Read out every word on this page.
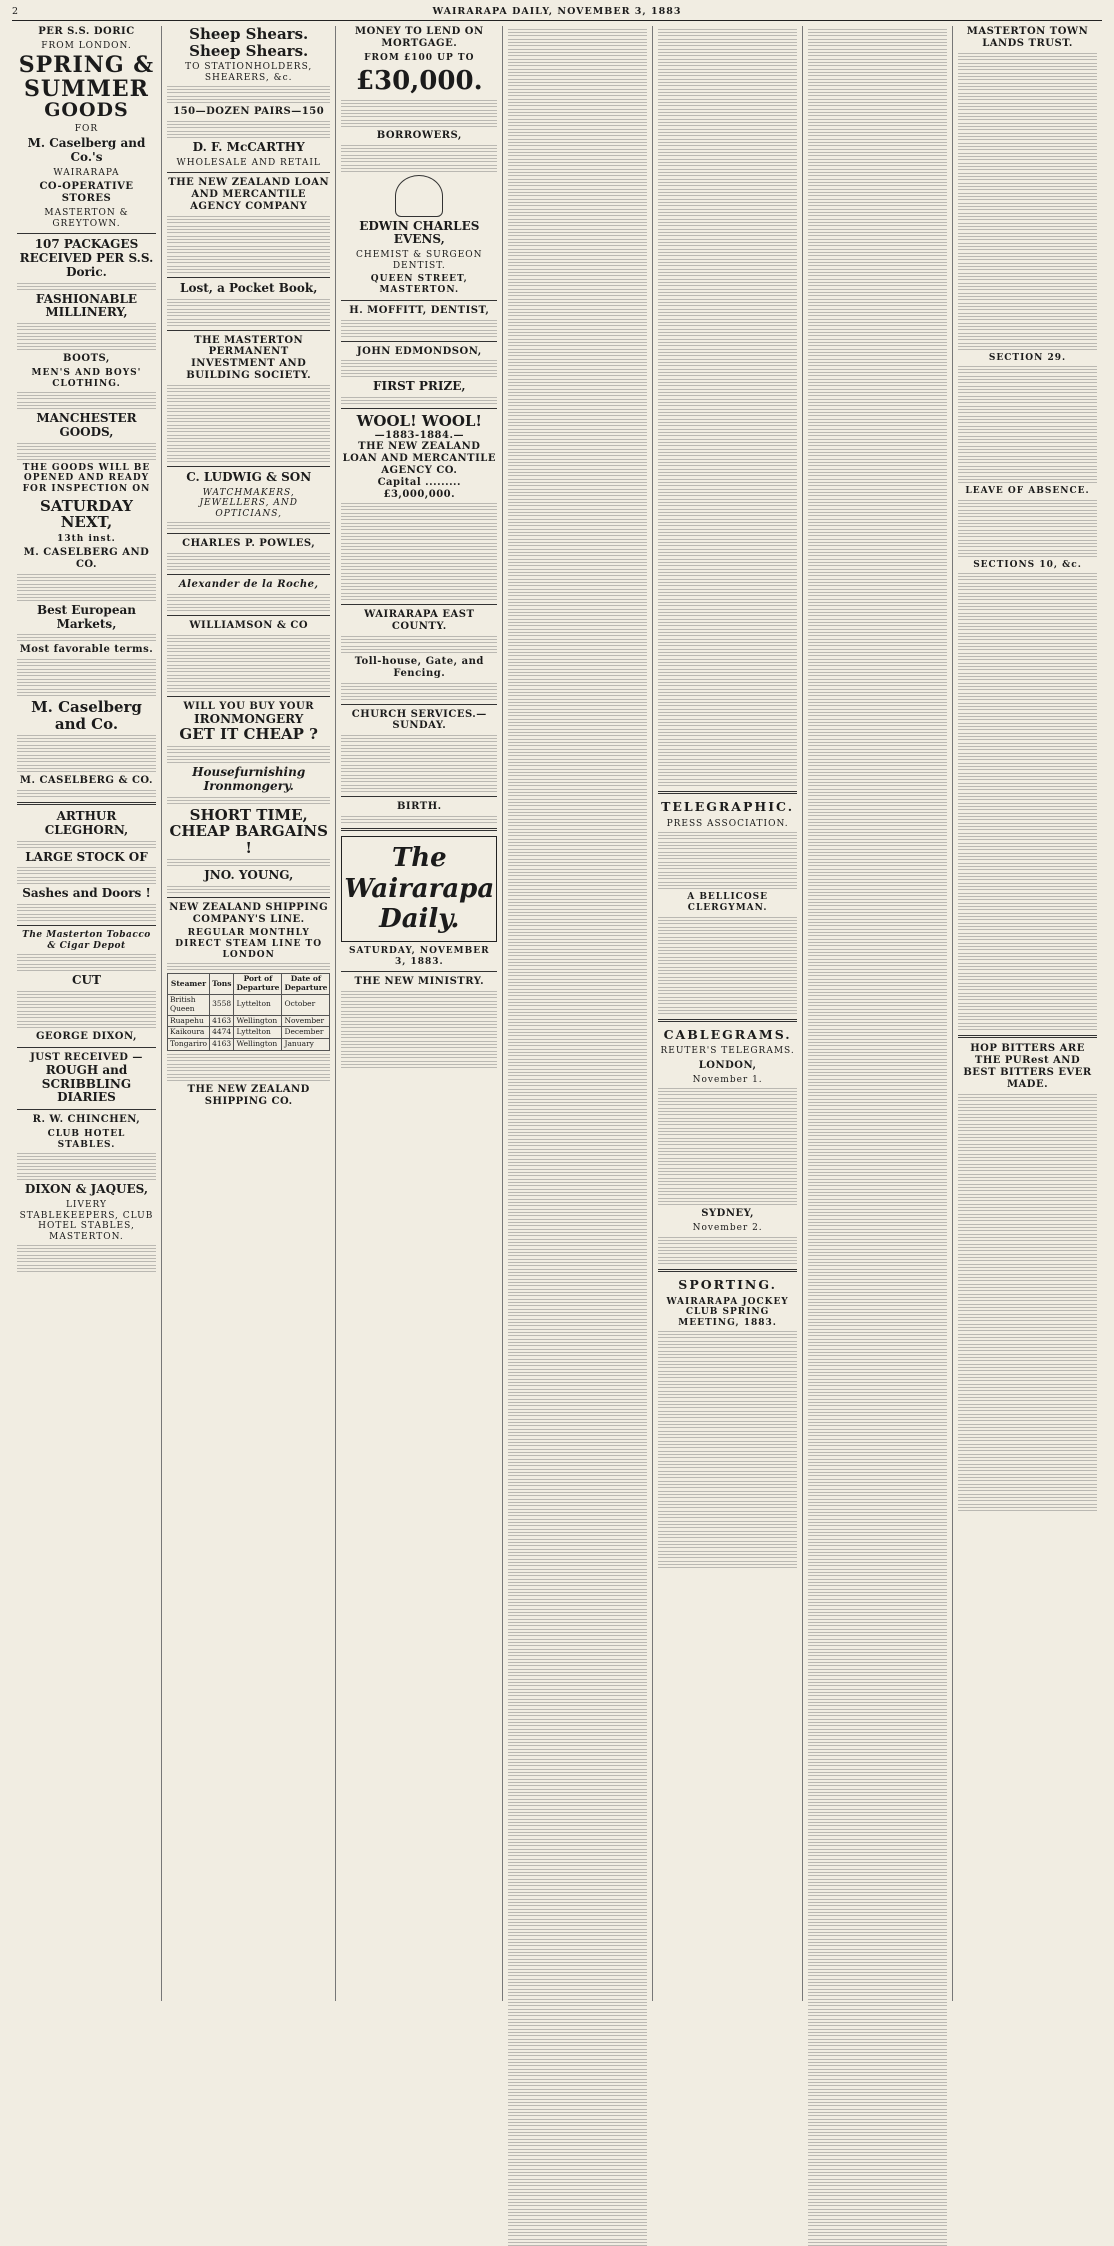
2	WAIRARAPA DAILY, NOVEMBER 3, 1883
PER S.S. DORIC
FROM LONDON.
SPRING &
SUMMER
GOODS
FOR
M. Caselberg and Co.'s
WAIRARAPA
CO-OPERATIVE STORES
MASTERTON & GREYTOWN.
107 PACKAGES RECEIVED PER S.S. Doric.
FASHIONABLE MILLINERY,
BOOTS,
MEN'S AND BOYS' CLOTHING.
MANCHESTER GOODS,
THE GOODS WILL BE OPENED AND READY FOR INSPECTION ON
SATURDAY NEXT,
13th inst.
M. CASELBERG AND CO.
Best European Markets,
Most favorable terms.
M. Caselberg and Co.
M. CASELBERG & CO.
ARTHUR CLEGHORN,
LARGE STOCK OF
Sashes and Doors !
The Masterton Tobacco & Cigar Depot
CUT
GEORGE DIXON,
JUST RECEIVED —
ROUGH and SCRIBBLING DIARIES
R. W. CHINCHEN,
CLUB HOTEL STABLES.
DIXON & JAQUES,
LIVERY STABLEKEEPERS, CLUB HOTEL STABLES, MASTERTON.
Sheep Shears.
Sheep Shears.
TO STATIONHOLDERS, SHEARERS, &c.
150—DOZEN PAIRS—150
D. F. McCARTHY
WHOLESALE AND RETAIL
THE NEW ZEALAND LOAN AND MERCANTILE AGENCY COMPANY
Lost, a Pocket Book,
THE MASTERTON PERMANENT INVESTMENT AND BUILDING SOCIETY.
C. LUDWIG & SON
WATCHMAKERS, JEWELLERS, AND OPTICIANS,
CHARLES P. POWLES,
Alexander de la Roche,
WILLIAMSON & CO
WILL YOU BUY YOUR
IRONMONGERY
GET IT CHEAP ?
Housefurnishing Ironmongery.
SHORT TIME,
CHEAP BARGAINS !
JNO. YOUNG,
NEW ZEALAND SHIPPING COMPANY'S LINE.
REGULAR MONTHLY DIRECT STEAM LINE TO LONDON
Steamer	Tons	Port of Departure	Date of Departure
British Queen	3558	Lyttelton	October
Ruapehu	4163	Wellington	November
Kaikoura	4474	Lyttelton	December
Tongariro	4163	Wellington	January
THE NEW ZEALAND SHIPPING CO.
MONEY TO LEND ON MORTGAGE.
FROM £100 UP TO
£30,000.
BORROWERS,
EDWIN CHARLES EVENS,
CHEMIST & SURGEON DENTIST.
QUEEN STREET, MASTERTON.
H. MOFFITT, DENTIST,
JOHN EDMONDSON,
FIRST PRIZE,
WOOL! WOOL!
—1883-1884.—
THE NEW ZEALAND LOAN AND MERCANTILE AGENCY CO.
Capital ......... £3,000,000.
WAIRARAPA EAST COUNTY.
Toll-house, Gate, and Fencing.
CHURCH SERVICES.—SUNDAY.
BIRTH.
The Wairarapa Daily.
SATURDAY, NOVEMBER 3, 1883.
THE NEW MINISTRY.
TELEGRAPHIC.
PRESS ASSOCIATION.
A BELLICOSE CLERGYMAN.
CABLEGRAMS.
REUTER'S TELEGRAMS.
LONDON,
November 1.
SYDNEY,
November 2.
SPORTING.
WAIRARAPA JOCKEY CLUB SPRING MEETING, 1883.
MASTERTON TOWN LANDS TRUST.
SECTION 29.
LEAVE OF ABSENCE.
SECTIONS 10, &c.
HOP BITTERS ARE THE PURest AND BEST BITTERS EVER MADE.
